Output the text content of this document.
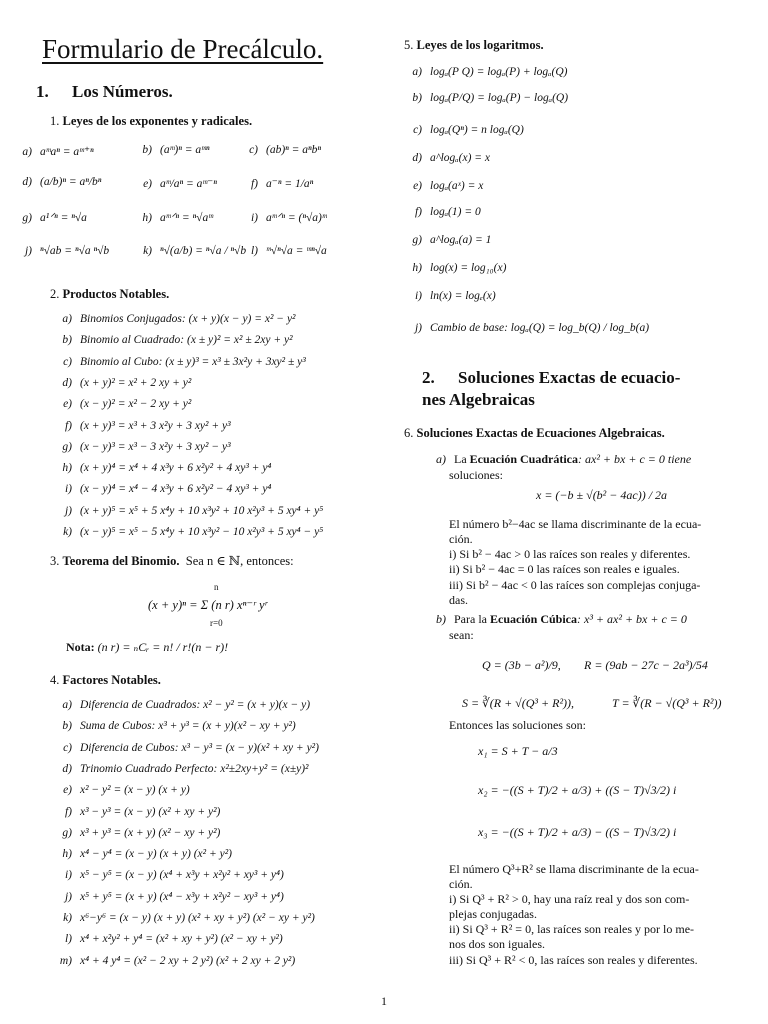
Formulario de Precálculo.
1. Los Números.
1. Leyes de los exponentes y radicales.
a) aᵐaⁿ = aᵐ⁺ⁿ	b) (aᵐ)ⁿ = aᵐⁿ	c) (ab)ⁿ = aⁿbⁿ
d) (a/b)ⁿ = aⁿ/bⁿ	e) aᵐ/aⁿ = aᵐ⁻ⁿ	f) a⁻ⁿ = 1/aⁿ
g) a¹ᐟⁿ = ⁿ√a	h) aᵐᐟⁿ = ⁿ√aᵐ	i) aᵐᐟⁿ = (ⁿ√a)ᵐ
j) ⁿ√ab = ⁿ√a ⁿ√b	k) ⁿ√(a/b) = ⁿ√a / ⁿ√b l) ᵐ√ⁿ√a = ᵐⁿ√a
2. Productos Notables.
a) Binomios Conjugados: (x + y)(x − y) = x² − y²
b) Binomio al Cuadrado: (x ± y)² = x² ± 2xy + y²
c) Binomio al Cubo: (x ± y)³ = x³ ± 3x²y + 3xy² ± y³
d) (x + y)² = x² + 2 xy + y²
e) (x − y)² = x² − 2 xy + y²
f) (x + y)³ = x³ + 3 x²y + 3 xy² + y³
g) (x − y)³ = x³ − 3 x²y + 3 xy² − y³
h) (x + y)⁴ = x⁴ + 4 x³y + 6 x²y² + 4 xy³ + y⁴
i) (x − y)⁴ = x⁴ − 4 x³y + 6 x²y² − 4 xy³ + y⁴
j) (x + y)⁵ = x⁵ + 5 x⁴y + 10 x³y² + 10 x²y³ + 5 xy⁴ + y⁵
k) (x − y)⁵ = x⁵ − 5 x⁴y + 10 x³y² − 10 x²y³ + 5 xy⁴ − y⁵
3. Teorema del Binomio. Sea n ∈ ℕ, entonces:
n
r=0
(x + y)ⁿ = Σ (n r) xⁿ⁻ʳ yʳ
Nota: (n r) = ₙCᵣ = n! / r!(n − r)!
4. Factores Notables.
a) Diferencia de Cuadrados: x² − y² = (x + y)(x − y)
b) Suma de Cubos: x³ + y³ = (x + y)(x² − xy + y²)
c) Diferencia de Cubos: x³ − y³ = (x − y)(x² + xy + y²)
d) Trinomio Cuadrado Perfecto: x²±2xy+y² = (x±y)²
e) x² − y² = (x − y) (x + y)
f) x³ − y³ = (x − y) (x² + xy + y²)
g) x³ + y³ = (x + y) (x² − xy + y²)
h) x⁴ − y⁴ = (x − y) (x + y) (x² + y²)
i) x⁵ − y⁵ = (x − y) (x⁴ + x³y + x²y² + xy³ + y⁴)
j) x⁵ + y⁵ = (x + y) (x⁴ − x³y + x²y² − xy³ + y⁴)
k) x⁶−y⁶ = (x − y) (x + y) (x² + xy + y²) (x² − xy + y²)
l) x⁴ + x²y² + y⁴ = (x² + xy + y²) (x² − xy + y²)
m) x⁴ + 4 y⁴ = (x² − 2 xy + 2 y²) (x² + 2 xy + 2 y²)
5. Leyes de los logaritmos.
a) logₐ(P Q) = logₐ(P) + logₐ(Q)
b) logₐ(P/Q) = logₐ(P) − logₐ(Q)
c) logₐ(Qⁿ) = n logₐ(Q)
d) a^logₐ(x) = x
e) logₐ(aˣ) = x
f) logₐ(1) = 0
g) a^logₐ(a) = 1
h) log(x) = log₁₀(x)
i) ln(x) = logₑ(x)
j) Cambio de base: logₐ(Q) = log_b(Q) / log_b(a)
2. Soluciones Exactas de ecuacio-
nes Algebraicas
6. Soluciones Exactas de Ecuaciones Algebraicas.
a) La Ecuación Cuadrática: ax² + bx + c = 0 tiene
soluciones:
x = (−b ± √(b² − 4ac)) / 2a
El número b²−4ac se llama discriminante de la ecua-
ción.
i) Si b² − 4ac > 0 las raíces son reales y diferentes.
ii) Si b² − 4ac = 0 las raíces son reales e iguales.
iii) Si b² − 4ac < 0 las raíces son complejas conjuga-
das.
b) Para la Ecuación Cúbica: x³ + ax² + bx + c = 0
sean:
Q = (3b − a²)/9, R = (9ab − 27c − 2a³)/54
S = ∛(R + √(Q³ + R²)),	T = ∛(R − √(Q³ + R²))
Entonces las soluciones son:
x₁ = S + T − a/3
x₂ = −((S + T)/2 + a/3) + ((S − T)√3/2) i
x₃ = −((S + T)/2 + a/3) − ((S − T)√3/2) i
El número Q³+R² se llama discriminante de la ecua-
ción.
i) Si Q³ + R² > 0, hay una raíz real y dos son com-
plejas conjugadas.
ii) Si Q³ + R² = 0, las raíces son reales y por lo me-
nos dos son iguales.
iii) Si Q³ + R² < 0, las raíces son reales y diferentes.
1
